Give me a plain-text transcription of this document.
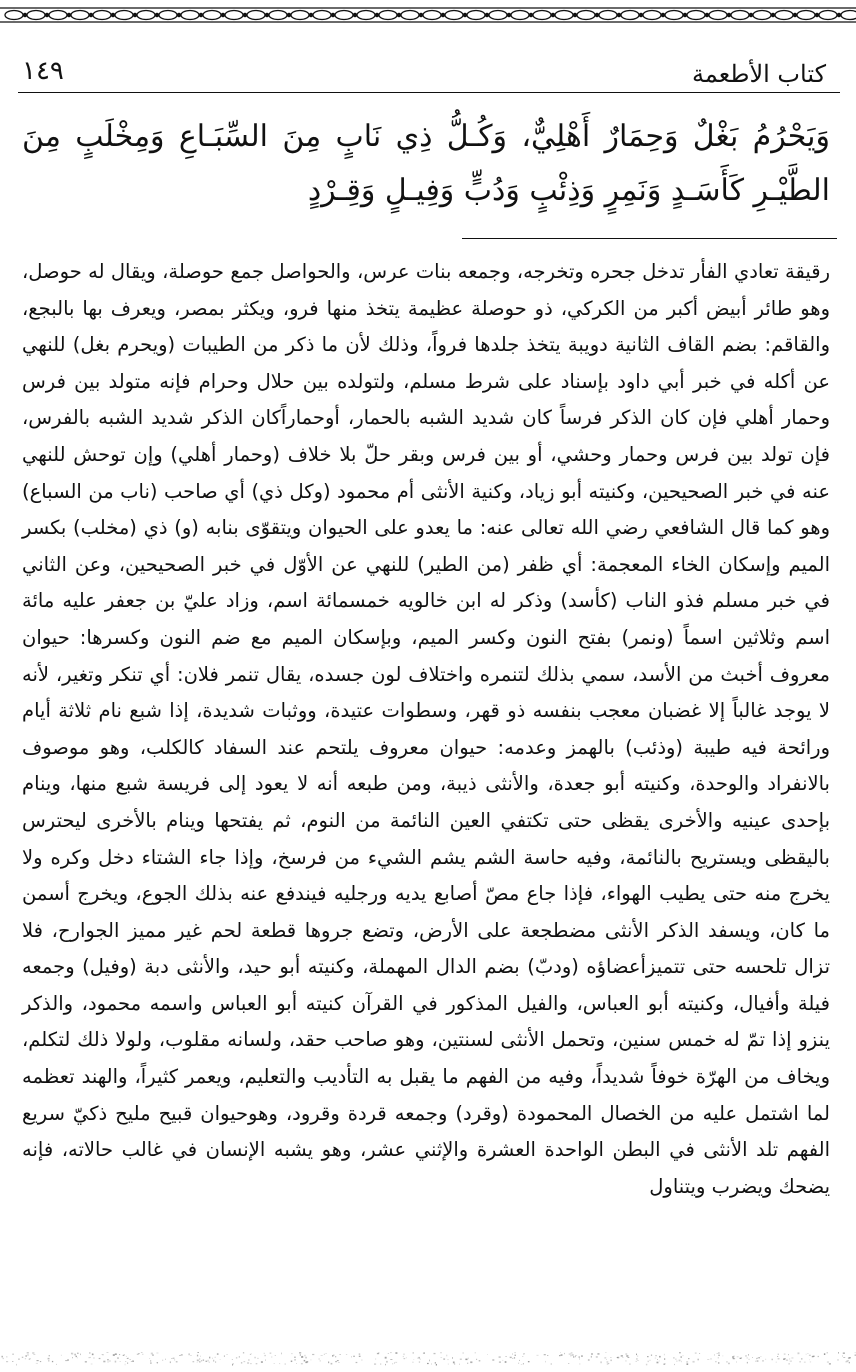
كتاب الأطعمة
١٤٩

وَيَحْرُمُ بَغْلٌ وَحِمَارٌ أَهْلِيٌّ، وَكُـلُّ ذِي نَابٍ مِنَ السِّبَـاعِ وَمِخْلَبٍ مِنَ الطَّيْـرِ كَأَسَـدٍ وَنَمِرٍ وَذِئْبٍ وَدُبٍّ وَفِيـلٍ وَقِـرْدٍ

رقيقة تعادي الفأر تدخل جحره وتخرجه، وجمعه بنات عرس، والحواصل جمع حوصلة، ويقال له حوصل، وهو طائر أبيض أكبر من الكركي، ذو حوصلة عظيمة يتخذ منها فرو، ويكثر بمصر، ويعرف بها بالبجع، والقاقم: بضم القاف الثانية دويبة يتخذ جلدها فرواً، وذلك لأن ما ذكر من الطيبات (ويحرم بغل) للنهي عن أكله في خبر أبي داود بإسناد على شرط مسلم، ولتولده بين حلال وحرام فإنه متولد بين فرس وحمار أهلي فإن كان الذكر فرساً كان شديد الشبه بالحمار، أوحماراًكان الذكر شديد الشبه بالفرس، فإن تولد بين فرس وحمار وحشي، أو بين فرس وبقر حلّ بلا خلاف (وحمار أهلي) وإن توحش للنهي عنه في خبر الصحيحين، وكنيته أبو زياد، وكنية الأنثى أم محمود (وكل ذي) أي صاحب (ناب من السباع) وهو كما قال الشافعي رضي الله تعالى عنه: ما يعدو على الحيوان ويتقوّى بنابه (و) ذي (مخلب) بكسر الميم وإسكان الخاء المعجمة: أي ظفر (من الطير) للنهي عن الأوّل في خبر الصحيحين، وعن الثاني في خبر مسلم فذو الناب (كأسد) وذكر له ابن خالويه خمسمائة اسم، وزاد عليّ بن جعفر عليه مائة اسم وثلاثين اسماً (ونمر) بفتح النون وكسر الميم، وبإسكان الميم مع ضم النون وكسرها: حيوان معروف أخبث من الأسد، سمي بذلك لتنمره واختلاف لون جسده، يقال تنمر فلان: أي تنكر وتغير، لأنه لا يوجد غالباً إلا غضبان معجب بنفسه ذو قهر، وسطوات عتيدة، ووثبات شديدة، إذا شبع نام ثلاثة أيام ورائحة فيه طيبة (وذئب) بالهمز وعدمه: حيوان معروف يلتحم عند السفاد كالكلب، وهو موصوف بالانفراد والوحدة، وكنيته أبو جعدة، والأنثى ذيبة، ومن طبعه أنه لا يعود إلى فريسة شبع منها، وينام بإحدى عينيه والأخرى يقظى حتى تكتفي العين النائمة من النوم، ثم يفتحها وينام بالأخرى ليحترس باليقظى ويستريح بالنائمة، وفيه حاسة الشم يشم الشيء من فرسخ، وإذا جاء الشتاء دخل وكره ولا يخرج منه حتى يطيب الهواء، فإذا جاع مصّ أصابع يديه ورجليه فيندفع عنه بذلك الجوع، ويخرج أسمن ما كان، ويسفد الذكر الأنثى مضطجعة على الأرض، وتضع جروها قطعة لحم غير مميز الجوارح، فلا تزال تلحسه حتى تتميزأعضاؤه (ودبّ) بضم الدال المهملة، وكنيته أبو حيد، والأنثى دبة (وفيل) وجمعه فيلة وأفيال، وكنيته أبو العباس، والفيل المذكور في القرآن كنيته أبو العباس واسمه محمود، والذكر ينزو إذا تمّ له خمس سنين، وتحمل الأنثى لسنتين، وهو صاحب حقد، ولسانه مقلوب، ولولا ذلك لتكلم، ويخاف من الهرّة خوفاً شديداً، وفيه من الفهم ما يقبل به التأديب والتعليم، ويعمر كثيراً، والهند تعظمه لما اشتمل عليه من الخصال المحمودة (وقرد) وجمعه قردة وقرود، وهوحيوان قبيح مليح ذكيّ سريع الفهم تلد الأنثى في البطن الواحدة العشرة والإثني عشر، وهو يشبه الإنسان في غالب حالاته، فإنه يضحك ويضرب ويتناول
